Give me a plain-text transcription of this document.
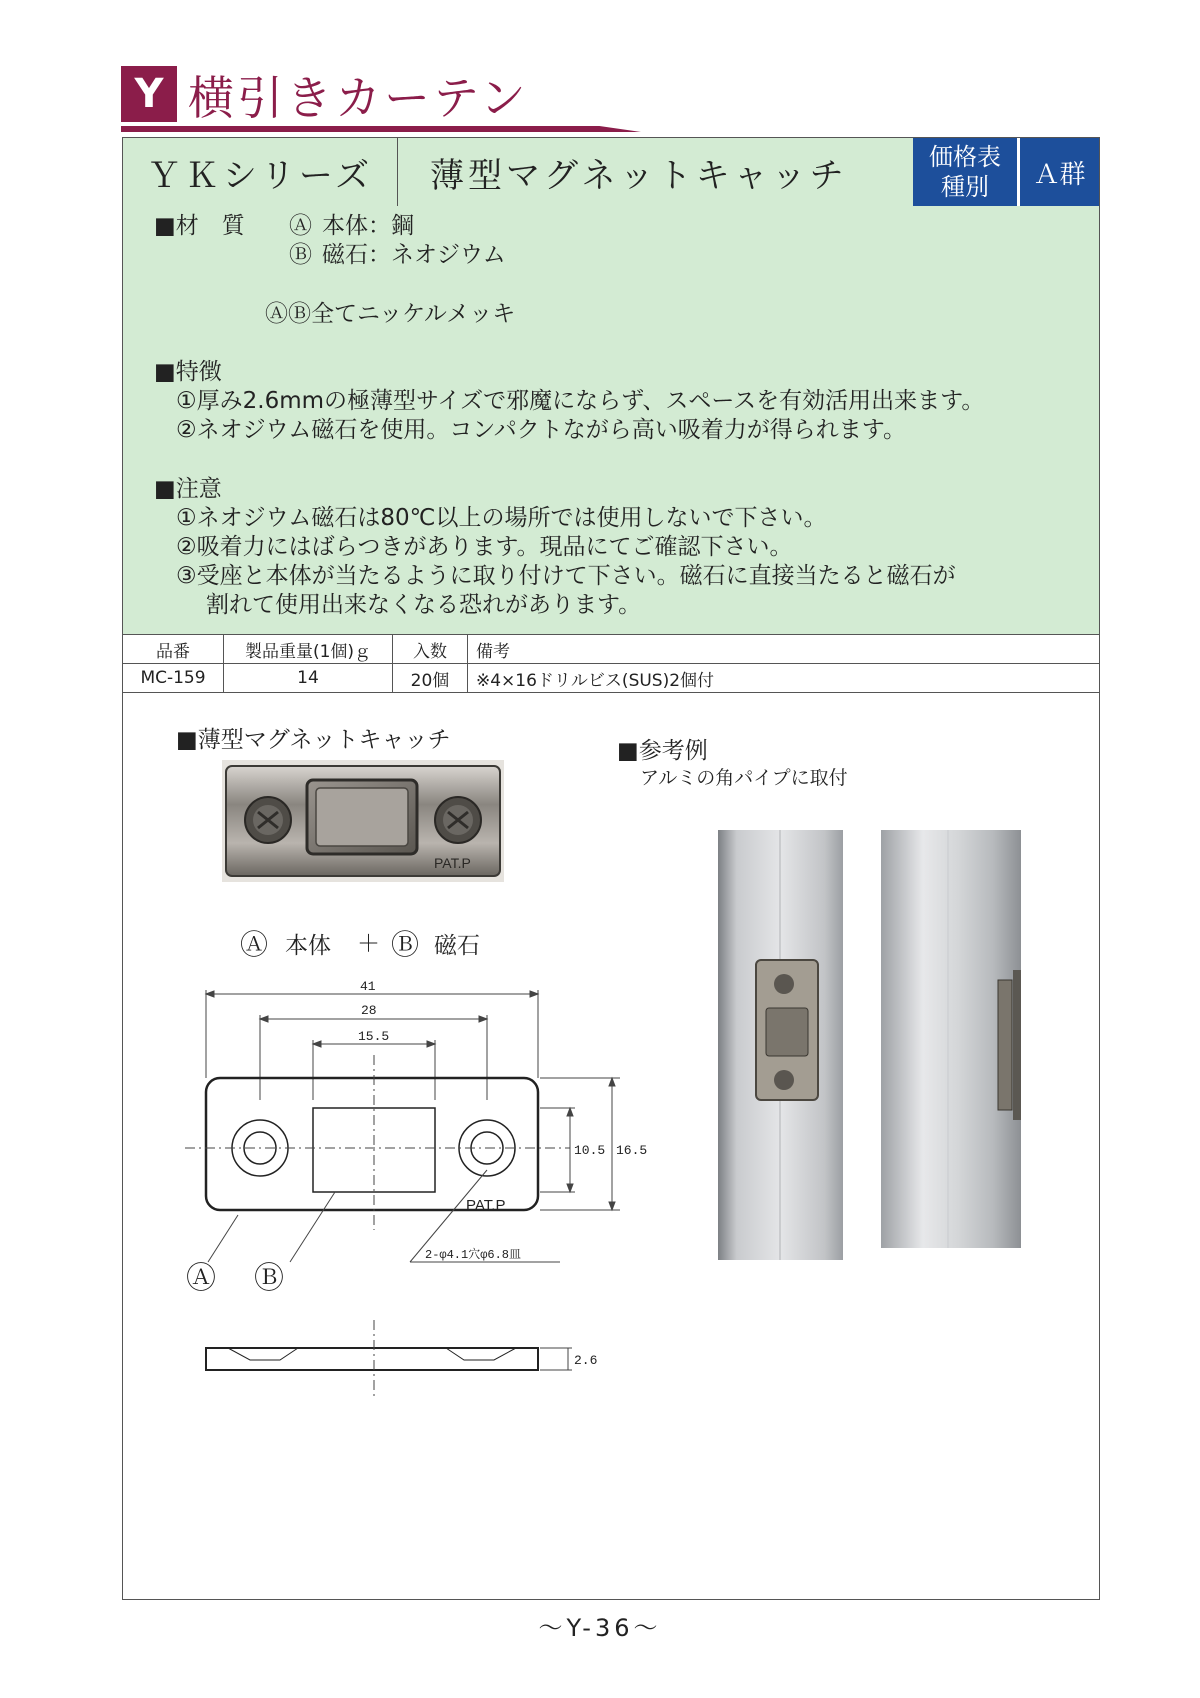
Y 横引きカーテン
ＹＫシリーズ	薄型マグネットキャッチ	価格表
種別	Ａ群
■材　質 Ⓐ 本体：鋼
Ⓑ 磁石：ネオジウム
ⒶⒷ全てニッケルメッキ
■特徴
①厚み2.6mmの極薄型サイズで邪魔にならず、スペースを有効活用出来ます。
②ネオジウム磁石を使用。コンパクトながら高い吸着力が得られます。
■注意
①ネオジウム磁石は80℃以上の場所では使用しないで下さい。
②吸着力にはばらつきがあります。現品にてご確認下さい。
③受座と本体が当たるように取り付けて下さい。磁石に直接当たると磁石が
割れて使用出来なくなる恐れがあります。
品番	製品重量(1個)ｇ	入数	備考
MC-159	14	20個	※4×16ドリルビス(SUS)2個付
■薄型マグネットキャッチ
PAT.P
Ⓐ 本体 ＋ Ⓑ 磁石
41
28
15.5
10.5 16.5
PAT.P
2-φ4.1穴φ6.8皿
Ⓐ Ⓑ
2.6
■参考例
アルミの角パイプに取付
～Y-36～
